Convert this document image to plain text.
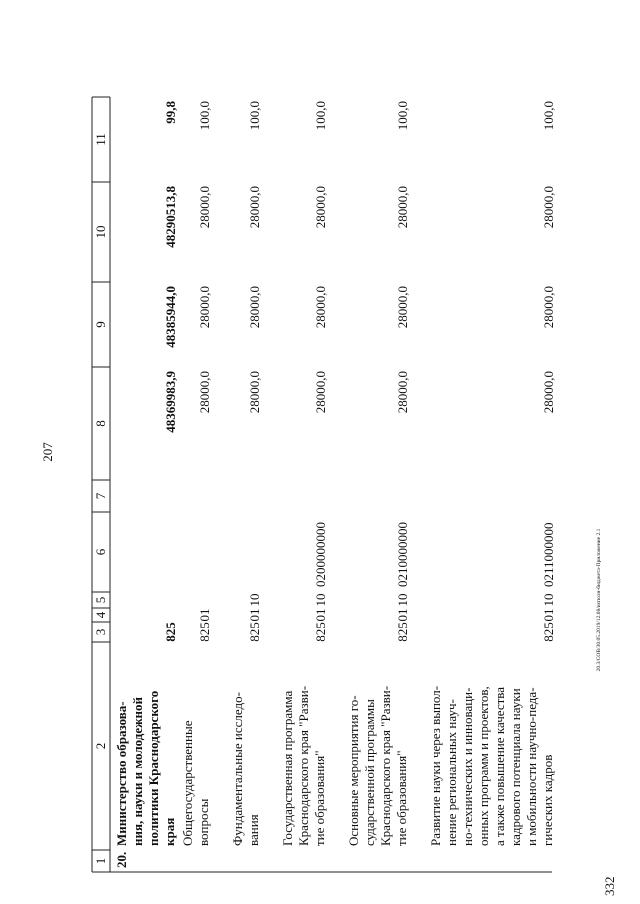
207
332
20.3/СОВ/30.05.2019/12.08/исполн-бюджета-Приложение 2.1
1
2
3
4
5
6
7
8
9
10
11
20.
Министерство образова- ния, науки и молодежной политики Краснодарского края
825
48369983,9
48385944,0
48290513,8
99,8
Общегосударственные вопросы
825
01
28000,0
28000,0
28000,0
100,0
Фундаментальные исследо- вания
825
01
10
28000,0
28000,0
28000,0
100,0
Государственная программа Краснодарского края "Разви- тие образования"
825
01
10
0200000000
28000,0
28000,0
28000,0
100,0
Основные мероприятия го- сударственной программы Краснодарского края "Разви- тие образования"
825
01
10
0210000000
28000,0
28000,0
28000,0
100,0
Развитие науки через выпол- нение региональных науч- но-технических и инноваци- онных программ и проектов, а также повышение качества кадрового потенциала науки и мобильности научно-педа- гических кадров
825
01
10
0211000000
28000,0
28000,0
28000,0
100,0
